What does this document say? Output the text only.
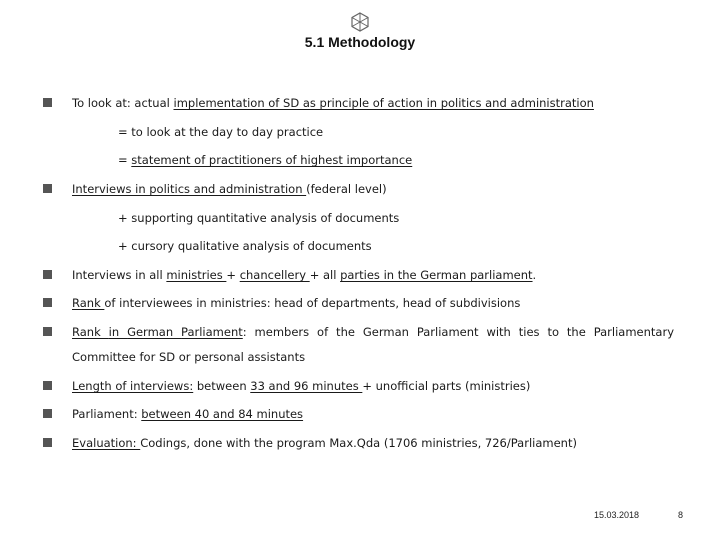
5.1 Methodology
To look at: actual implementation of SD as principle of action in politics and administration
= to look at the day to day practice
= statement of practitioners of highest importance
Interviews in politics and administration (federal level)
+ supporting quantitative analysis of documents
+ cursory qualitative analysis of documents
Interviews in all ministries + chancellery + all parties in the German parliament.
Rank of interviewees in ministries: head of departments, head of subdivisions
Rank in German Parliament: members of the German Parliament with ties to the Parliamentary
Committee for SD or personal assistants
Length of interviews: between 33 and 96 minutes + unofficial parts (ministries)
Parliament: between 40 and 84 minutes
Evaluation: Codings, done with the program Max.Qda (1706 ministries, 726/Parliament)
15.03.2018	8
